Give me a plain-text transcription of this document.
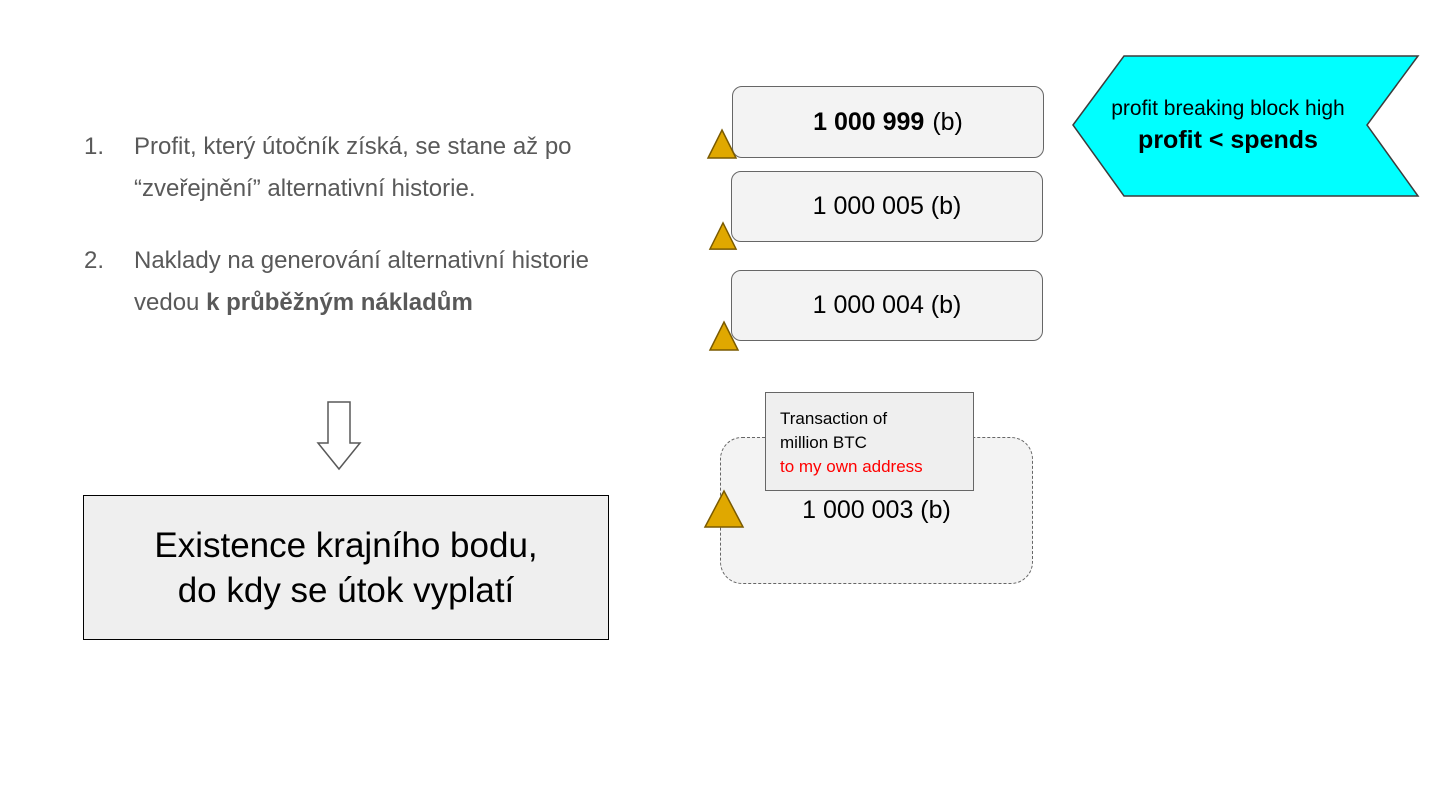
1. Profit, který útočník získá, se stane až po “zveřejnění” alternativní historie.
2. Naklady na generování alternativní historie vedou k průběžným nákladům
Existence krajního bodu,
do kdy se útok vyplatí
1 000 999 (b)
1 000 005 (b)
1 000 004 (b)
1 000 003 (b)
Transaction of
million BTC
to my own address
profit breaking block high
profit < spends
